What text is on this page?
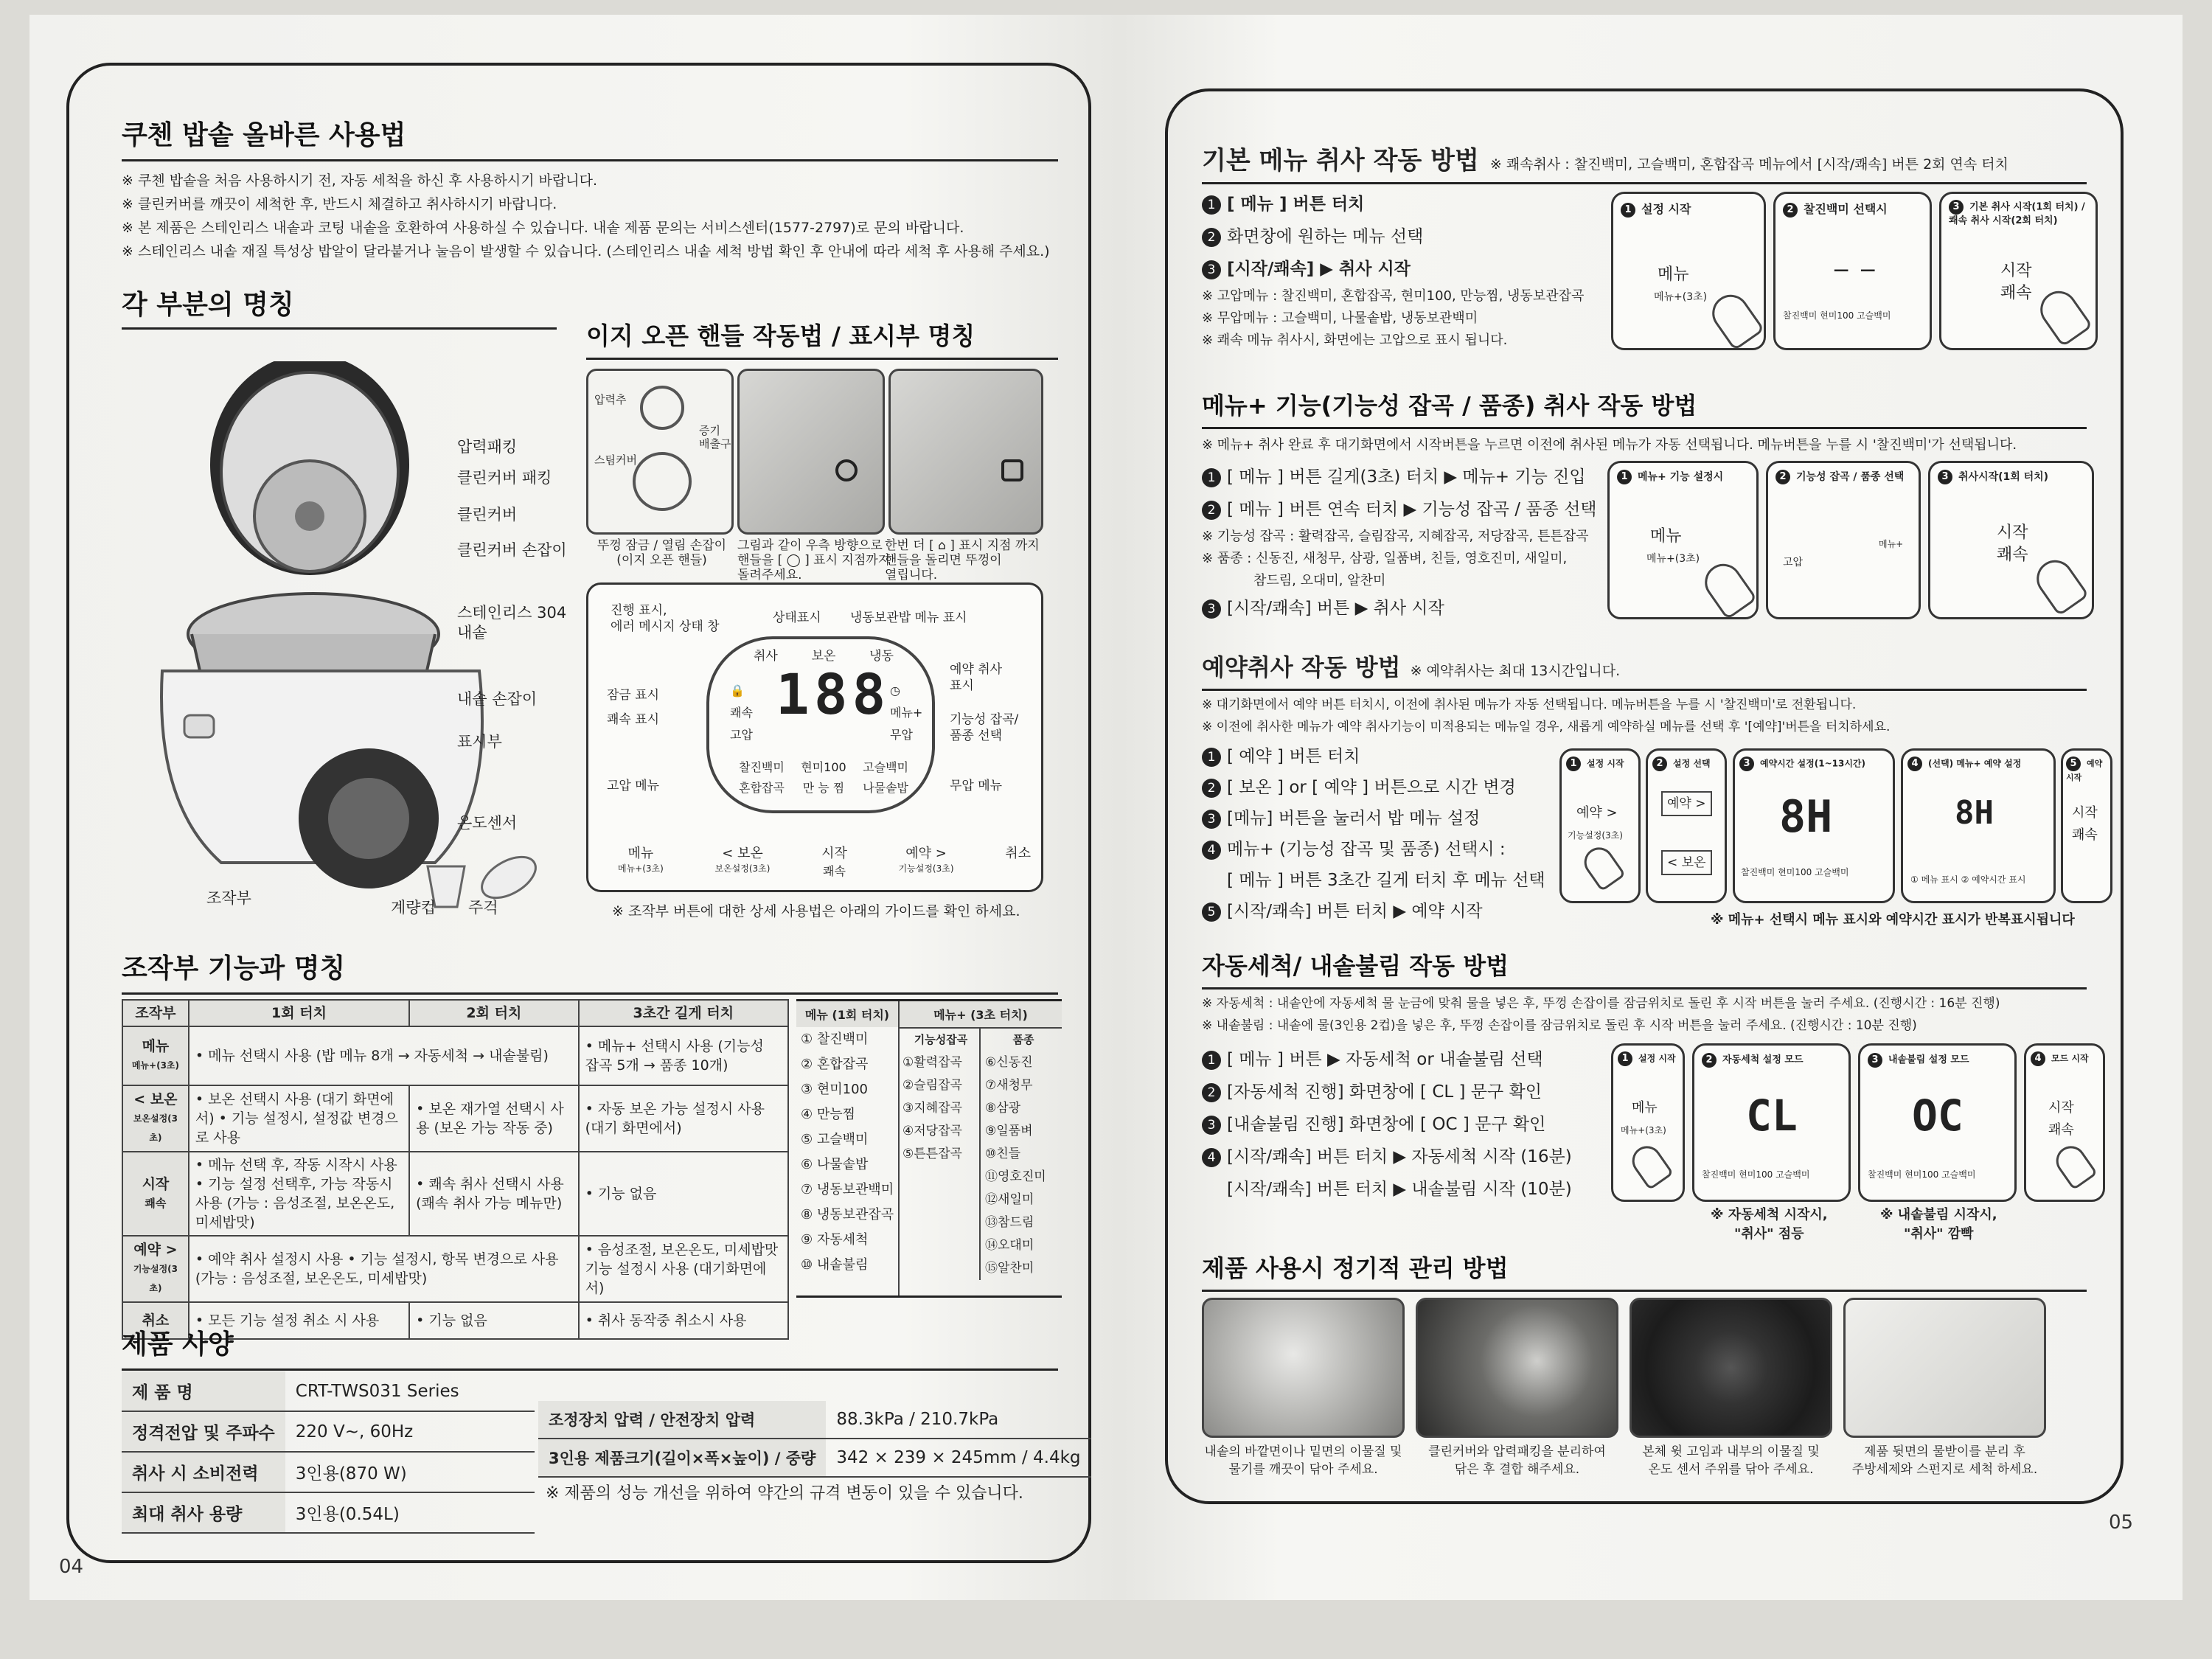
04
쿠첸 밥솥 올바른 사용법
※ 쿠첸 밥솥을 처음 사용하시기 전, 자동 세척을 하신 후 사용하시기 바랍니다.
※ 클린커버를 깨끗이 세척한 후, 반드시 체결하고 취사하시기 바랍니다.
※ 본 제품은 스테인리스 내솥과 코팅 내솥을 호환하여 사용하실 수 있습니다. 내솥 제품 문의는 서비스센터(1577-2797)로 문의 바랍니다.
※ 스테인리스 내솥 재질 특성상 밥알이 달라붙거나 눌음이 발생할 수 있습니다. (스테인리스 내솥 세척 방법 확인 후 안내에 따라 세척 후 사용해 주세요.)
각 부분의 명칭
압력패킹
클린커버 패킹
클린커버
클린커버 손잡이
스테인리스 304
내솥
내솥 손잡이
표시부
온도센서
조작부
계량컵 주걱
이지 오픈 핸들 작동법 / 표시부 명칭
압력추
증기
배출구
스팀커버
뚜껑 잠금 / 열림 손잡이
(이지 오픈 핸들)
그림과 같이 우측 방향으로
핸들을 [ ◯ ] 표시 지점까지
돌려주세요.
한번 더 [ ⌂ ] 표시 지점 까지
핸들을 돌리면 뚜껑이
열립니다.
진행 표시,
에러 메시지 상태 창
상태표시 냉동보관밥 메뉴 표시
잠금 표시
쾌속 표시
고압 메뉴
예약 취사
표시
기능성 잡곡/
품종 선택
무압 메뉴
취사	보온	냉동
188
🔒
쾌속
고압
◷
메뉴+
무압
찰진백미 현미100 고슬백미
혼합잡곡 만 능 찜 나물솥밥
메뉴
메뉴+(3초)
< 보온
보온설정(3초)
시작
쾌속
예약 >
기능설정(3초)
취소
※ 조작부 버튼에 대한 상세 사용법은 아래의 가이드를 확인 하세요.
조작부 기능과 명칭
조작부	1회 터치	2회 터치	3초간 길게 터치

메뉴
메뉴+(3초)	• 메뉴 선택시 사용 (밥 메뉴 8개 → 자동세척 → 내솥불림)		• 메뉴+ 선택시 사용 (기능성 잡곡 5개 → 품종 10개)

< 보온
보온설정(3초)	• 보온 선택시 사용 (대기 화면에서) • 기능 설정시, 설정값 변경으로 사용	• 보온 재가열 선택시 사용 (보온 가능 작동 중)	• 자동 보온 가능 설정시 사용 (대기 화면에서)

시작
쾌속	• 메뉴 선택 후, 작동 시작시 사용 • 기능 설정 선택후, 가능 작동시 사용 (가능 : 음성조절, 보온온도, 미세밥맛)	• 쾌속 취사 선택시 사용 (쾌속 취사 가능 메뉴만)	• 기능 없음

예약 >
기능설정(3초)	• 예약 취사 설정시 사용 • 기능 설정시, 항목 변경으로 사용 (가능 : 음성조절, 보온온도, 미세밥맛)		• 음성조절, 보온온도, 미세밥맛 기능 설정시 사용 (대기화면에서)

취소	• 모든 기능 설정 취소 시 사용	• 기능 없음	• 취사 동작중 취소시 사용
메뉴 (1회 터치)
① 찰진백미
② 혼합잡곡
③ 현미100
④ 만능찜
⑤ 고슬백미
⑥ 나물솥밥
⑦ 냉동보관백미
⑧ 냉동보관잡곡
⑨ 자동세척
⑩ 내솥불림
메뉴+ (3초 터치)
기능성잡곡
①활력잡곡
②슬림잡곡
③지혜잡곡
④저당잡곡
⑤튼튼잡곡
품종
⑥신동진
⑦새청무
⑧삼광
⑨일품벼
⑩친들
⑪영호진미
⑫새일미
⑬참드림
⑭오대미
⑮알찬미
제품 사양
제 품 명	CRT-TWS031 Series
정격전압 및 주파수	220 V~, 60Hz
취사 시 소비전력	3인용(870 W)
최대 취사 용량	3인용(0.54L)
조정장치 압력 / 안전장치 압력	88.3kPa / 210.7kPa
3인용 제품크기(길이×폭×높이) / 중량	342 × 239 × 245mm / 4.4kg
※ 제품의 성능 개선을 위하여 약간의 규격 변동이 있을 수 있습니다.
05
기본 메뉴 취사 작동 방법 ※ 쾌속취사 : 찰진백미, 고슬백미, 혼합잡곡 메뉴에서 [시작/쾌속] 버튼 2회 연속 터치
1 [ 메뉴 ] 버튼 터치
2 화면창에 원하는 메뉴 선택
3 [시작/쾌속] ▶ 취사 시작
※ 고압메뉴 : 찰진백미, 혼합잡곡, 현미100, 만능찜, 냉동보관잡곡
※ 무압메뉴 : 고슬백미, 나물솥밥, 냉동보관백미
※ 쾌속 메뉴 취사시, 화면에는 고압으로 표시 됩니다.
1 설정 시작
메뉴
메뉴+(3초)
2 찰진백미 선택시
─ ─
찰진백미 현미100 고슬백미
3 기본 취사 시작(1회 터치) / 쾌속 취사 시작(2회 터치)
시작
쾌속
메뉴+ 기능(기능성 잡곡 / 품종) 취사 작동 방법
※ 메뉴+ 취사 완료 후 대기화면에서 시작버튼을 누르면 이전에 취사된 메뉴가 자동 선택됩니다. 메뉴버튼을 누를 시 '찰진백미'가 선택됩니다.
1 [ 메뉴 ] 버튼 길게(3초) 터치 ▶ 메뉴+ 기능 진입
2 [ 메뉴 ] 버튼 연속 터치 ▶ 기능성 잡곡 / 품종 선택
※ 기능성 잡곡 : 활력잡곡, 슬림잡곡, 지혜잡곡, 저당잡곡, 튼튼잡곡
※ 품종 : 신동진, 새청무, 삼광, 일품벼, 친들, 영호진미, 새일미,
참드림, 오대미, 알찬미
3 [시작/쾌속] 버튼 ▶ 취사 시작
1 메뉴+ 기능 설정시
메뉴
메뉴+(3초)
2 기능성 잡곡 / 품종 선택
고압
메뉴+
3 취사시작(1회 터치)
시작
쾌속
예약취사 작동 방법 ※ 예약취사는 최대 13시간입니다.
※ 대기화면에서 예약 버튼 터치시, 이전에 취사된 메뉴가 자동 선택됩니다. 메뉴버튼을 누를 시 '찰진백미'로 전환됩니다.
※ 이전에 취사한 메뉴가 예약 취사기능이 미적용되는 메뉴일 경우, 새롭게 예약하실 메뉴를 선택 후 '[예약]'버튼을 터치하세요.
1 [ 예약 ] 버튼 터치
2 [ 보온 ] or [ 예약 ] 버튼으로 시간 변경
3 [메뉴] 버튼을 눌러서 밥 메뉴 설정
4 메뉴+ (기능성 잡곡 및 품종) 선택시 :
[ 메뉴 ] 버튼 3초간 길게 터치 후 메뉴 선택
5 [시작/쾌속] 버튼 터치 ▶ 예약 시작
1 설정 시작
예약 >
기능설정(3초)
2 설정 선택
예약 >
< 보온
3 예약시간 설정(1~13시간)
8H
찰진백미 현미100 고슬백미
4 (선택) 메뉴+ 예약 설정
8H
① 메뉴 표시 ② 예약시간 표시
5 예약 시작
시작
쾌속
※ 메뉴+ 선택시 메뉴 표시와 예약시간 표시가 반복표시됩니다
자동세척/ 내솥불림 작동 방법
※ 자동세척 : 내솥안에 자동세척 물 눈금에 맞춰 물을 넣은 후, 뚜껑 손잡이를 잠금위치로 돌린 후 시작 버튼을 눌러 주세요. (진행시간 : 16분 진행)
※ 내솥불림 : 내솥에 물(3인용 2컵)을 넣은 후, 뚜껑 손잡이를 잠금위치로 돌린 후 시작 버튼을 눌러 주세요. (진행시간 : 10분 진행)
1 [ 메뉴 ] 버튼 ▶ 자동세척 or 내솥불림 선택
2 [자동세척 진행] 화면창에 [ CL ] 문구 확인
3 [내솥불림 진행] 화면창에 [ OC ] 문구 확인
4 [시작/쾌속] 버튼 터치 ▶ 자동세척 시작 (16분)
[시작/쾌속] 버튼 터치 ▶ 내솥불림 시작 (10분)
1 설정 시작
메뉴
메뉴+(3초)
2 자동세척 설정 모드
CL
찰진백미 현미100 고슬백미
3 내솥불림 설정 모드
OC
찰진백미 현미100 고슬백미
4 모드 시작
시작
쾌속
※ 자동세척 시작시,
"취사" 점등
※ 내솥불림 시작시,
"취사" 깜빡
제품 사용시 정기적 관리 방법
내솥의 바깥면이나 밑면의 이물질 및
물기를 깨끗이 닦아 주세요.
클린커버와 압력패킹을 분리하여
닦은 후 결합 해주세요.
본체 윗 고임과 내부의 이물질 및
온도 센서 주위를 닦아 주세요.
제품 뒷면의 물받이를 분리 후
주방세제와 스펀지로 세척 하세요.
